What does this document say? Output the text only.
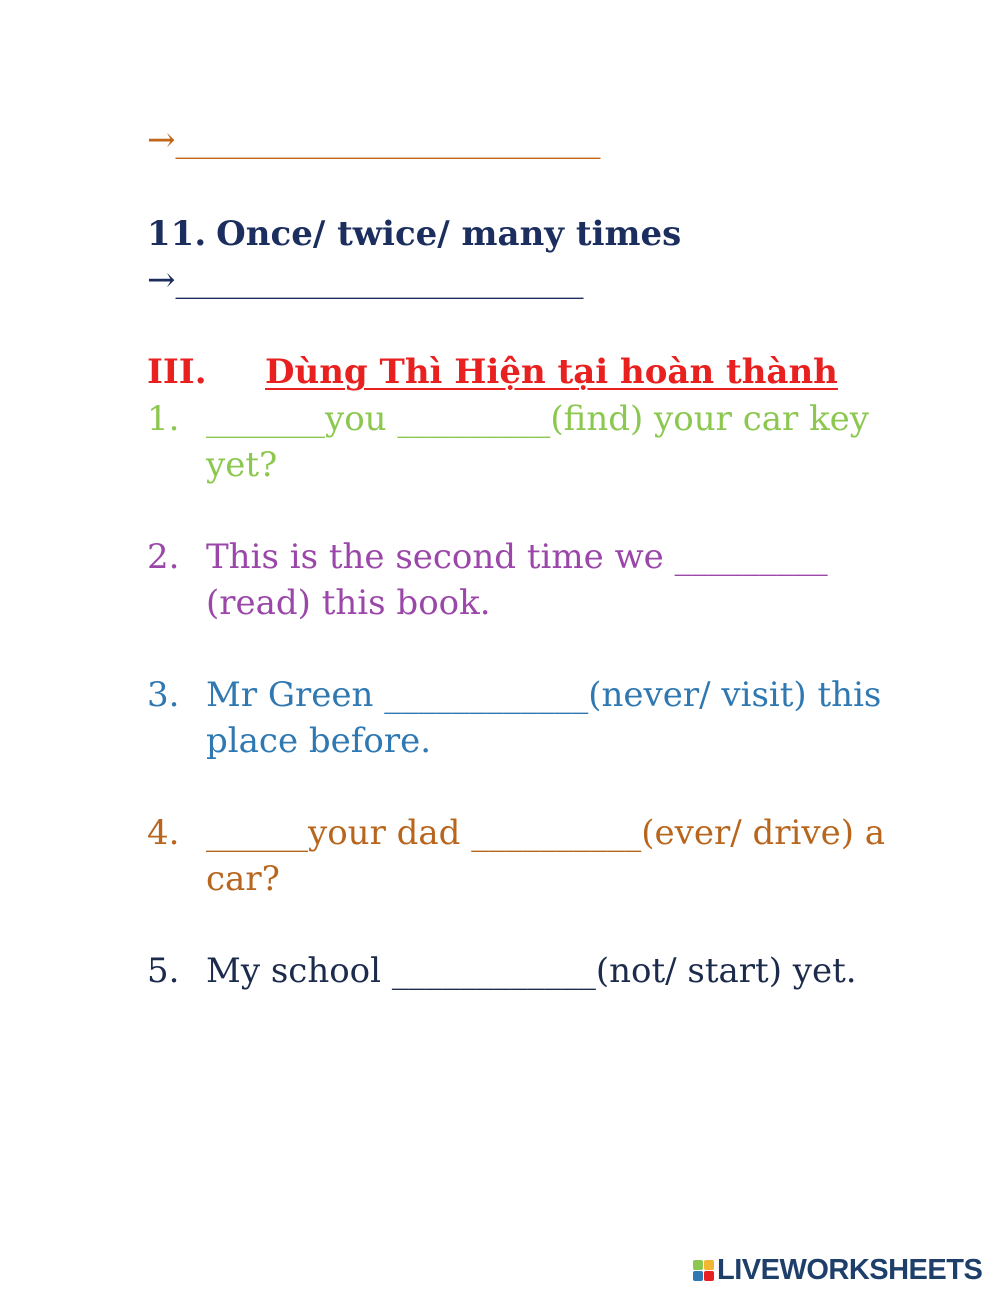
→_________________________
11. Once/ twice/ many times
→________________________
III. Dùng Thì Hiện tại hoàn thành
1. _______you _________(find) your car key yet?
2. This is the second time we _________ (read) this book.
3. Mr Green ____________(never/ visit) this place before.
4. ______your dad __________(ever/ drive) a car?
5. My school ____________(not/ start) yet.
LIVEWORKSHEETS
